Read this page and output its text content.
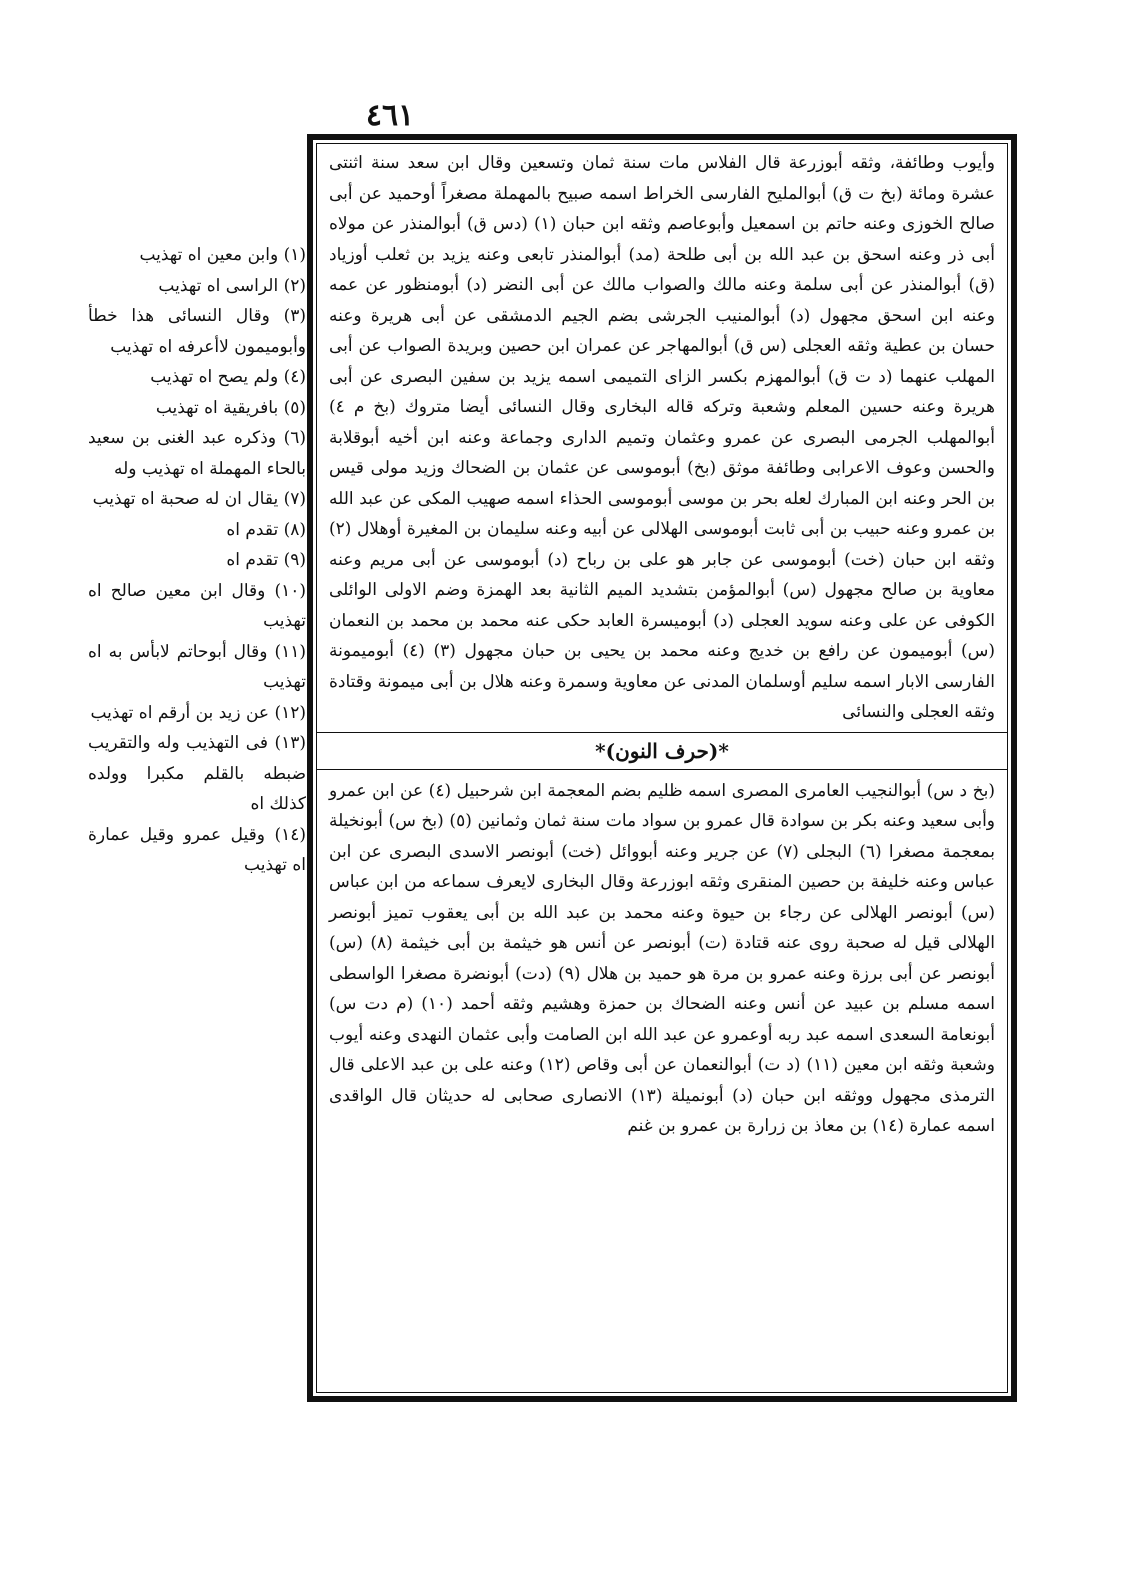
٤٦١

(١) وابن معين اه تهذيب

(٢) الراسى اه تهذيب

(٣) وقال النسائى هذا خطأ وأبوميمون لاأعرفه اه تهذيب

(٤) ولم يصح اه تهذيب

(٥) بافريقية اه تهذيب

(٦) وذكره عبد الغنى بن سعيد بالحاء المهملة اه تهذيب وله

(٧) يقال ان له صحبة اه تهذيب

(٨) تقدم اه

(٩) تقدم اه

(١٠) وقال ابن معين صالح اه تهذيب

(١١) وقال أبوحاتم لابأس به اه تهذيب

(١٢) عن زيد بن أرقم اه تهذيب

(١٣) فى التهذيب وله والتقريب ضبطه بالقلم مكبرا وولده كذلك اه

(١٤) وقيل عمرو وقيل عمارة اه تهذيب

وأيوب وطائفة، وثقه أبوزرعة قال الفلاس مات سنة ثمان وتسعين وقال ابن سعد سنة اثنتى عشرة ومائة (بخ ت ق) أبوالمليح الفارسى الخراط اسمه صبيح بالمهملة مصغراً أوحميد عن أبى صالح الخوزى وعنه حاتم بن اسمعيل وأبوعاصم وثقه ابن حبان (١) (دس ق) أبوالمنذر عن مولاه أبى ذر وعنه اسحق بن عبد الله بن أبى طلحة (مد) أبوالمنذر تابعى وعنه يزيد بن ثعلب أوزياد (ق) أبوالمنذر عن أبى سلمة وعنه مالك والصواب مالك عن أبى النضر (د) أبومنظور عن عمه وعنه ابن اسحق مجهول (د) أبوالمنيب الجرشى بضم الجيم الدمشقى عن أبى هريرة وعنه حسان بن عطية وثقه العجلى (س ق) أبوالمهاجر عن عمران ابن حصين وبريدة الصواب عن أبى المهلب عنهما (د ت ق) أبوالمهزم بكسر الزاى التميمى اسمه يزيد بن سفين البصرى عن أبى هريرة وعنه حسين المعلم وشعبة وتركه قاله البخارى وقال النسائى أيضا متروك (بخ م ٤) أبوالمهلب الجرمى البصرى عن عمرو وعثمان وتميم الدارى وجماعة وعنه ابن أخيه أبوقلابة والحسن وعوف الاعرابى وطائفة موثق (بخ) أبوموسى عن عثمان بن الضحاك وزيد مولى قيس بن الحر وعنه ابن المبارك لعله بحر بن موسى أبوموسى الحذاء اسمه صهيب المكى عن عبد الله بن عمرو وعنه حبيب بن أبى ثابت أبوموسى الهلالى عن أبيه وعنه سليمان بن المغيرة أوهلال (٢) وثقه ابن حبان (خت) أبوموسى عن جابر هو على بن رباح (د) أبوموسى عن أبى مريم وعنه معاوية بن صالح مجهول (س) أبوالمؤمن بتشديد الميم الثانية بعد الهمزة وضم الاولى الوائلى الكوفى عن على وعنه سويد العجلى (د) أبوميسرة العابد حكى عنه محمد بن محمد بن النعمان (س) أبوميمون عن رافع بن خديج وعنه محمد بن يحيى بن حبان مجهول (٣) (٤) أبوميمونة الفارسى الابار اسمه سليم أوسلمان المدنى عن معاوية وسمرة وعنه هلال بن أبى ميمونة وقتادة وثقه العجلى والنسائى

*(حرف النون)*

(بخ د س) أبوالنجيب العامرى المصرى اسمه ظليم بضم المعجمة ابن شرحبيل (٤) عن ابن عمرو وأبى سعيد وعنه بكر بن سوادة قال عمرو بن سواد مات سنة ثمان وثمانين (٥) (بخ س) أبونخيلة بمعجمة مصغرا (٦) البجلى (٧) عن جرير وعنه أبووائل (خت) أبونصر الاسدى البصرى عن ابن عباس وعنه خليفة بن حصين المنقرى وثقه ابوزرعة وقال البخارى لايعرف سماعه من ابن عباس (س) أبونصر الهلالى عن رجاء بن حيوة وعنه محمد بن عبد الله بن أبى يعقوب تميز أبونصر الهلالى قيل له صحبة روى عنه قتادة (ت) أبونصر عن أنس هو خيثمة بن أبى خيثمة (٨) (س) أبونصر عن أبى برزة وعنه عمرو بن مرة هو حميد بن هلال (٩) (دت) أبونضرة مصغرا الواسطى اسمه مسلم بن عبيد عن أنس وعنه الضحاك بن حمزة وهشيم وثقه أحمد (١٠) (م دت س) أبونعامة السعدى اسمه عبد ربه أوعمرو عن عبد الله ابن الصامت وأبى عثمان النهدى وعنه أيوب وشعبة وثقه ابن معين (١١) (د ت) أبوالنعمان عن أبى وقاص (١٢) وعنه على بن عبد الاعلى قال الترمذى مجهول ووثقه ابن حبان (د) أبونميلة (١٣) الانصارى صحابى له حديثان قال الواقدى اسمه عمارة (١٤) بن معاذ بن زرارة بن عمرو بن غنم
